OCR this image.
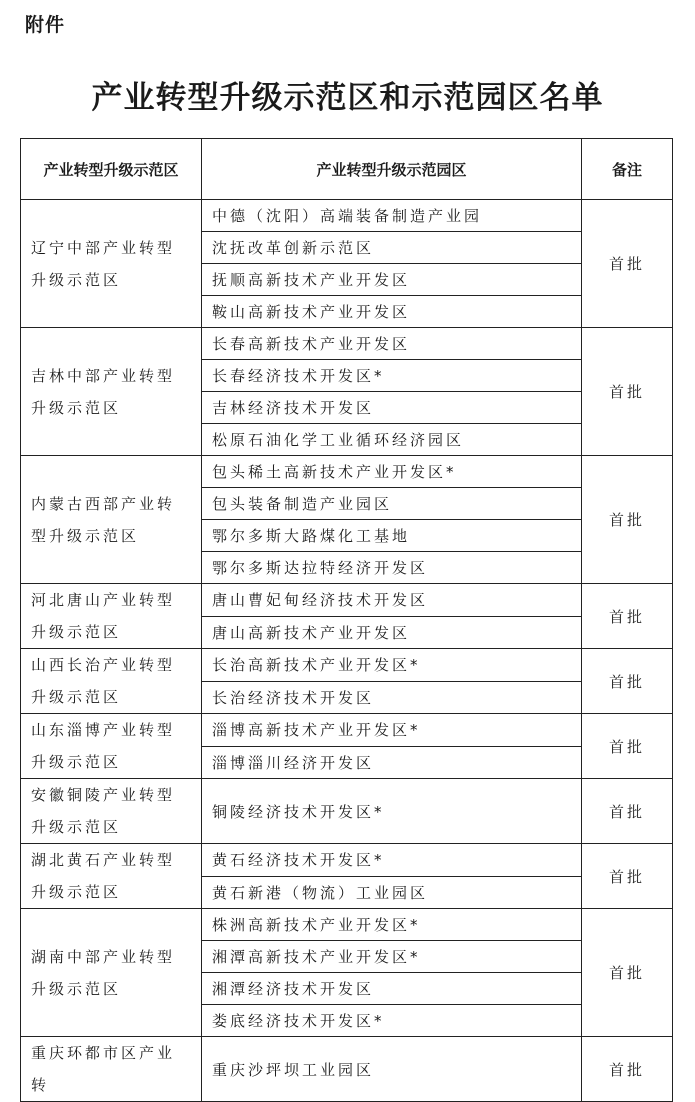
附件
产业转型升级示范区和示范园区名单
产业转型升级示范区	产业转型升级示范园区	备注
辽宁中部产业转型升级示范区	中德（沈阳）高端装备制造产业园	首批
	沈抚改革创新示范区	
	抚顺高新技术产业开发区	
	鞍山高新技术产业开发区	
吉林中部产业转型升级示范区	长春高新技术产业开发区	首批
	长春经济技术开发区*	
	吉林经济技术开发区	
	松原石油化学工业循环经济园区	
内蒙古西部产业转型升级示范区	包头稀土高新技术产业开发区*	首批
	包头装备制造产业园区	
	鄂尔多斯大路煤化工基地	
	鄂尔多斯达拉特经济开发区	
河北唐山产业转型升级示范区	唐山曹妃甸经济技术开发区	首批
	唐山高新技术产业开发区	
山西长治产业转型升级示范区	长治高新技术产业开发区*	首批
	长治经济技术开发区	
山东淄博产业转型升级示范区	淄博高新技术产业开发区*	首批
	淄博淄川经济开发区	
安徽铜陵产业转型升级示范区	铜陵经济技术开发区*	首批
湖北黄石产业转型升级示范区	黄石经济技术开发区*	首批
	黄石新港（物流）工业园区	
湖南中部产业转型升级示范区	株洲高新技术产业开发区*	首批
	湘潭高新技术产业开发区*	
	湘潭经济技术开发区	
	娄底经济技术开发区*	
重庆环都市区产业转	重庆沙坪坝工业园区	首批
